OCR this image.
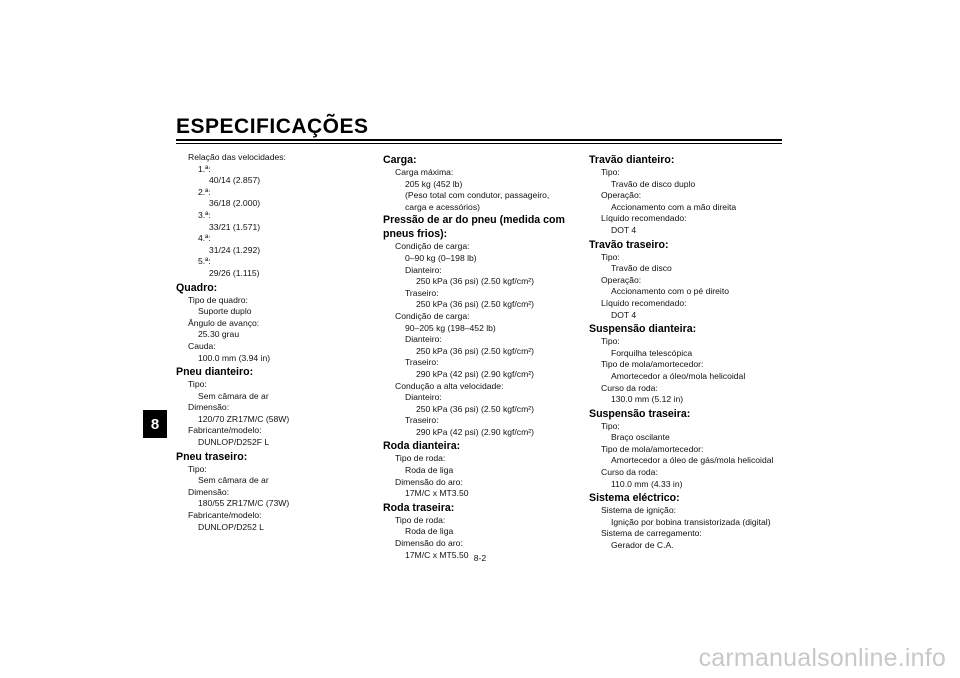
ESPECIFICAÇÕES
8
Relação das velocidades:
1.ª:
40/14 (2.857)
2.ª:
36/18 (2.000)
3.ª:
33/21 (1.571)
4.ª:
31/24 (1.292)
5.ª:
29/26 (1.115)
Quadro:
Tipo de quadro:
Suporte duplo
Ângulo de avanço:
25.30 grau
Cauda:
100.0 mm (3.94 in)
Pneu dianteiro:
Tipo:
Sem câmara de ar
Dimensão:
120/70 ZR17M/C (58W)
Fabricante/modelo:
DUNLOP/D252F L
Pneu traseiro:
Tipo:
Sem câmara de ar
Dimensão:
180/55 ZR17M/C (73W)
Fabricante/modelo:
DUNLOP/D252 L
Carga:
Carga máxima:
205 kg (452 lb)
(Peso total com condutor, passageiro,
carga e acessórios)
Pressão de ar do pneu (medida com
pneus frios):
Condição de carga:
0–90 kg (0–198 lb)
Dianteiro:
250 kPa (36 psi) (2.50 kgf/cm²)
Traseiro:
250 kPa (36 psi) (2.50 kgf/cm²)
Condição de carga:
90–205 kg (198–452 lb)
Dianteiro:
250 kPa (36 psi) (2.50 kgf/cm²)
Traseiro:
290 kPa (42 psi) (2.90 kgf/cm²)
Condução a alta velocidade:
Dianteiro:
250 kPa (36 psi) (2.50 kgf/cm²)
Traseiro:
290 kPa (42 psi) (2.90 kgf/cm²)
Roda dianteira:
Tipo de roda:
Roda de liga
Dimensão do aro:
17M/C x MT3.50
Roda traseira:
Tipo de roda:
Roda de liga
Dimensão do aro:
17M/C x MT5.50
Travão dianteiro:
Tipo:
Travão de disco duplo
Operação:
Accionamento com a mão direita
Líquido recomendado:
DOT 4
Travão traseiro:
Tipo:
Travão de disco
Operação:
Accionamento com o pé direito
Líquido recomendado:
DOT 4
Suspensão dianteira:
Tipo:
Forquilha telescópica
Tipo de mola/amortecedor:
Amortecedor a óleo/mola helicoidal
Curso da roda:
130.0 mm (5.12 in)
Suspensão traseira:
Tipo:
Braço oscilante
Tipo de mola/amortecedor:
Amortecedor a óleo de gás/mola helicoidal
Curso da roda:
110.0 mm (4.33 in)
Sistema eléctrico:
Sistema de ignição:
Ignição por bobina transistorizada (digital)
Sistema de carregamento:
Gerador de C.A.
8-2
carmanualsonline.info
